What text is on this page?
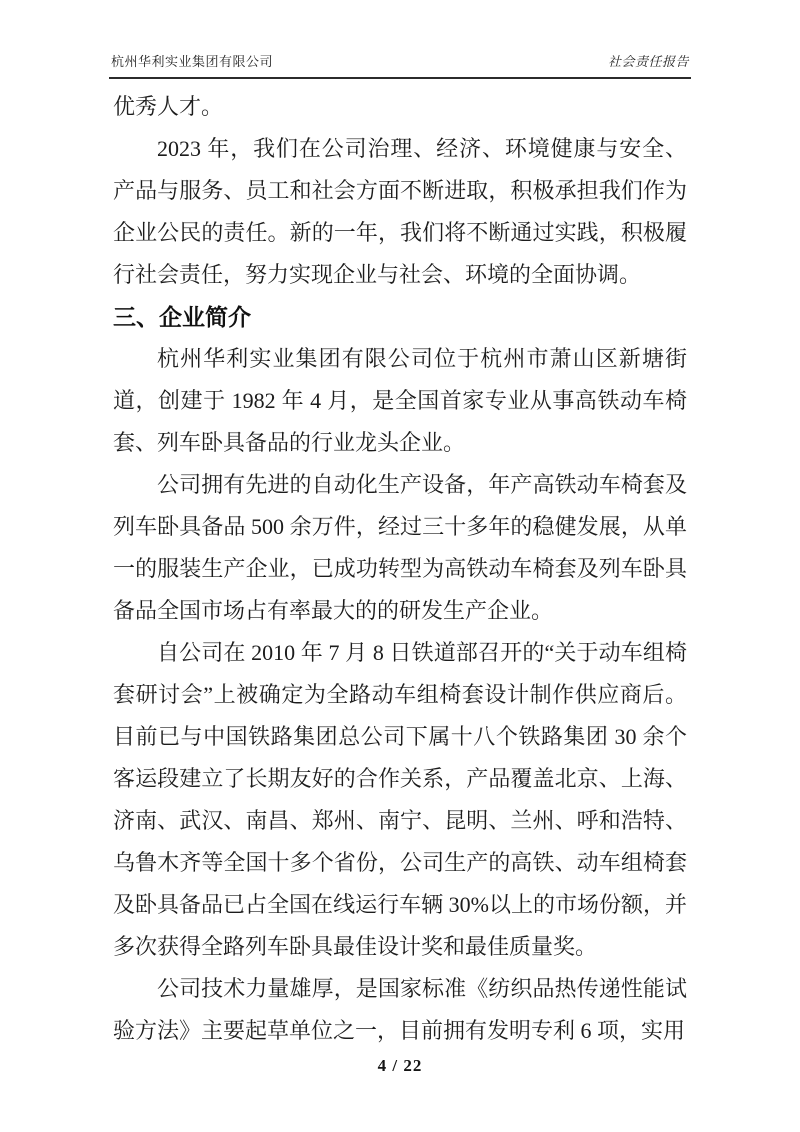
杭州华利实业集团有限公司	社会责任报告

优秀人才。

2023 年，我们在公司治理、经济、环境健康与安全、产品与服务、员工和社会方面不断进取，积极承担我们作为企业公民的责任。新的一年，我们将不断通过实践，积极履行社会责任，努力实现企业与社会、环境的全面协调。

三、企业简介

杭州华利实业集团有限公司位于杭州市萧山区新塘街道，创建于 1982 年 4 月，是全国首家专业从事高铁动车椅套、列车卧具备品的行业龙头企业。

公司拥有先进的自动化生产设备，年产高铁动车椅套及列车卧具备品 500 余万件，经过三十多年的稳健发展，从单一的服装生产企业，已成功转型为高铁动车椅套及列车卧具备品全国市场占有率最大的的研发生产企业。

自公司在 2010 年 7 月 8 日铁道部召开的“关于动车组椅套研讨会”上被确定为全路动车组椅套设计制作供应商后。目前已与中国铁路集团总公司下属十八个铁路集团 30 余个客运段建立了长期友好的合作关系，产品覆盖北京、上海、济南、武汉、南昌、郑州、南宁、昆明、兰州、呼和浩特、乌鲁木齐等全国十多个省份，公司生产的高铁、动车组椅套及卧具备品已占全国在线运行车辆 30%以上的市场份额，并多次获得全路列车卧具最佳设计奖和最佳质量奖。

公司技术力量雄厚，是国家标准《纺织品热传递性能试验方法》主要起草单位之一，目前拥有发明专利 6 项，实用

4 / 22
